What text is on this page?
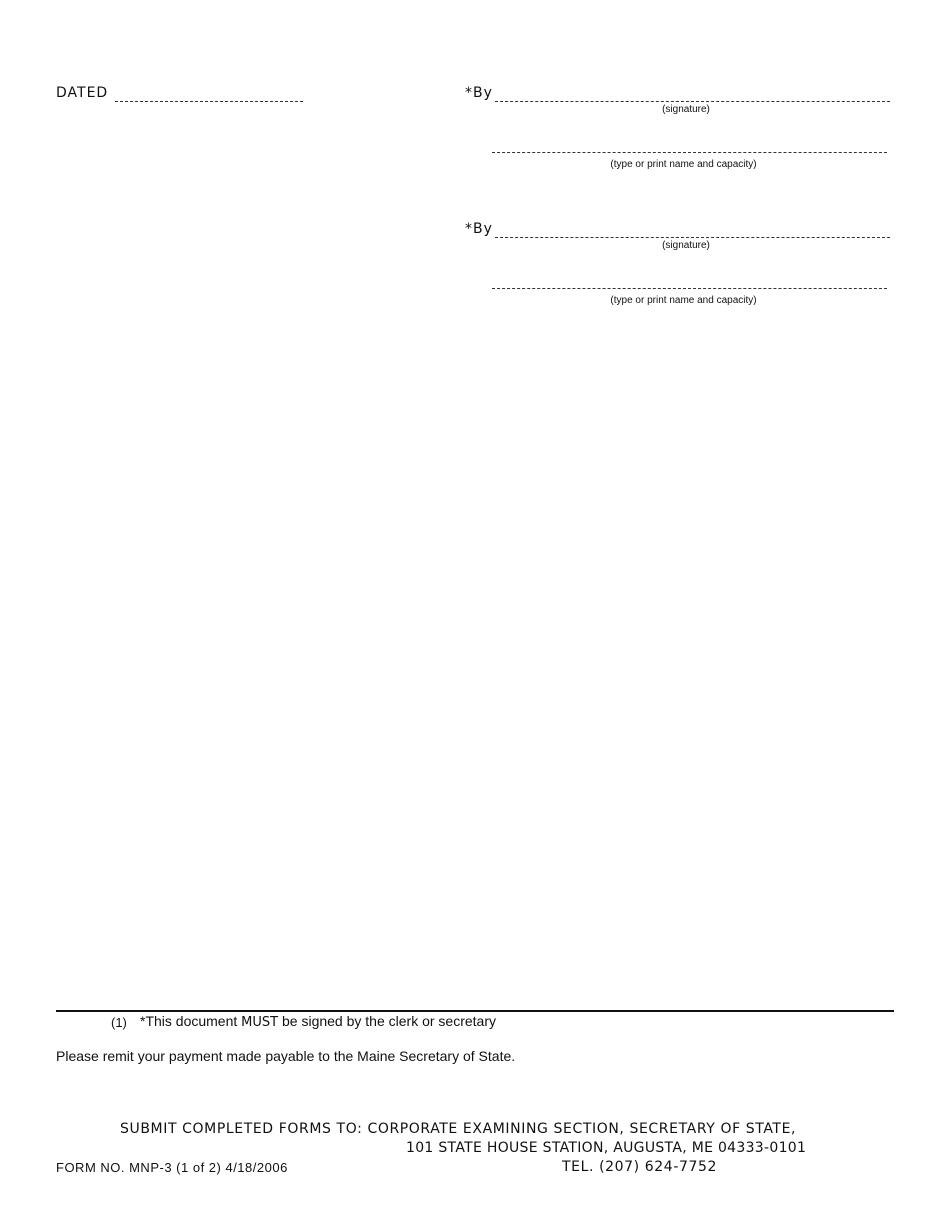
DATED	*By
(signature)
(type or print name and capacity)
*By
(signature)
(type or print name and capacity)
(1) *This document MUST be signed by the clerk or secretary
Please remit your payment made payable to the Maine Secretary of State.
SUBMIT COMPLETED FORMS TO: CORPORATE EXAMINING SECTION, SECRETARY OF STATE,
101 STATE HOUSE STATION, AUGUSTA, ME 04333-0101
TEL. (207) 624-7752
FORM NO. MNP-3 (1 of 2) 4/18/2006
